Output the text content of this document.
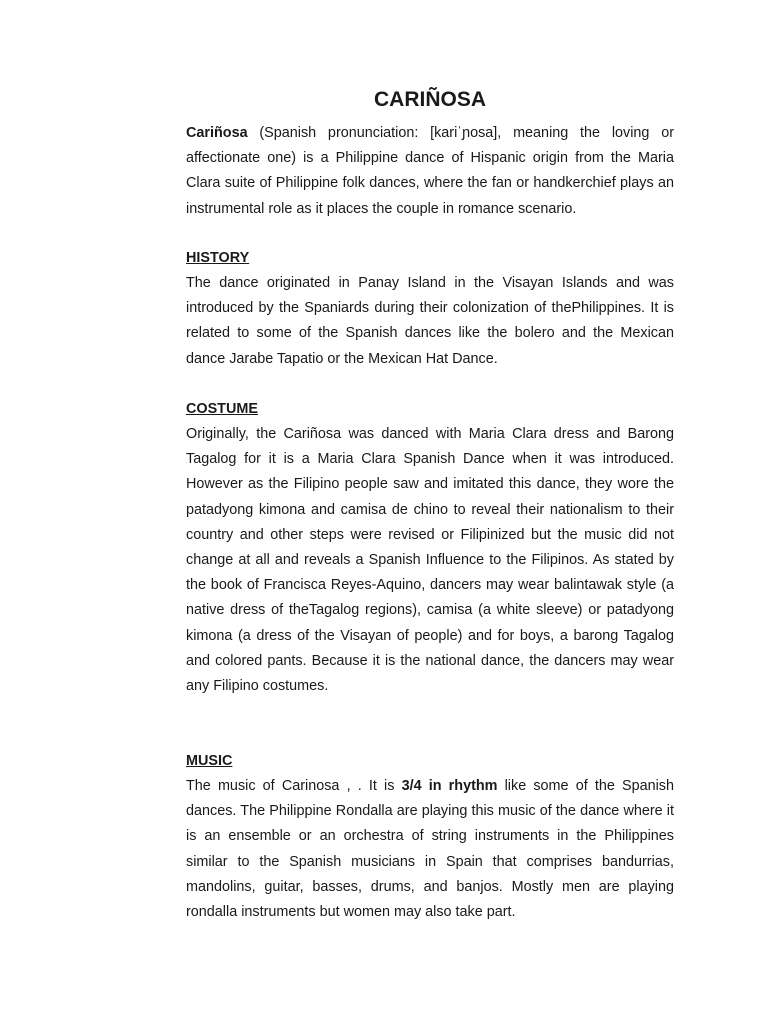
CARIÑOSA

Cariñosa (Spanish pronunciation: [kariˈɲosa], meaning the loving or affectionate one) is a Philippine dance of Hispanic origin from the Maria Clara suite of Philippine folk dances, where the fan or handkerchief plays an instrumental role as it places the couple in romance scenario.

HISTORY

The dance originated in Panay Island in the Visayan Islands and was introduced by the Spaniards during their colonization of thePhilippines. It is related to some of the Spanish dances like the bolero and the Mexican dance Jarabe Tapatio or the Mexican Hat Dance.

COSTUME

Originally, the Cariñosa was danced with Maria Clara dress and Barong Tagalog for it is a Maria Clara Spanish Dance when it was introduced. However as the Filipino people saw and imitated this dance, they wore the patadyong kimona and camisa de chino to reveal their nationalism to their country and other steps were revised or Filipinized but the music did not change at all and reveals a Spanish Influence to the Filipinos. As stated by the book of Francisca Reyes-Aquino, dancers may wear balintawak style (a native dress of theTagalog regions), camisa (a white sleeve) or patadyong kimona (a dress of the Visayan of people) and for boys, a barong Tagalog and colored pants. Because it is the national dance, the dancers may wear any Filipino costumes.

MUSIC

The music of Carinosa , . It is 3/4 in rhythm like some of the Spanish dances. The Philippine Rondalla are playing this music of the dance where it is an ensemble or an orchestra of string instruments in the Philippines similar to the Spanish musicians in Spain that comprises bandurrias, mandolins, guitar, basses, drums, and banjos. Mostly men are playing rondalla instruments but women may also take part.
